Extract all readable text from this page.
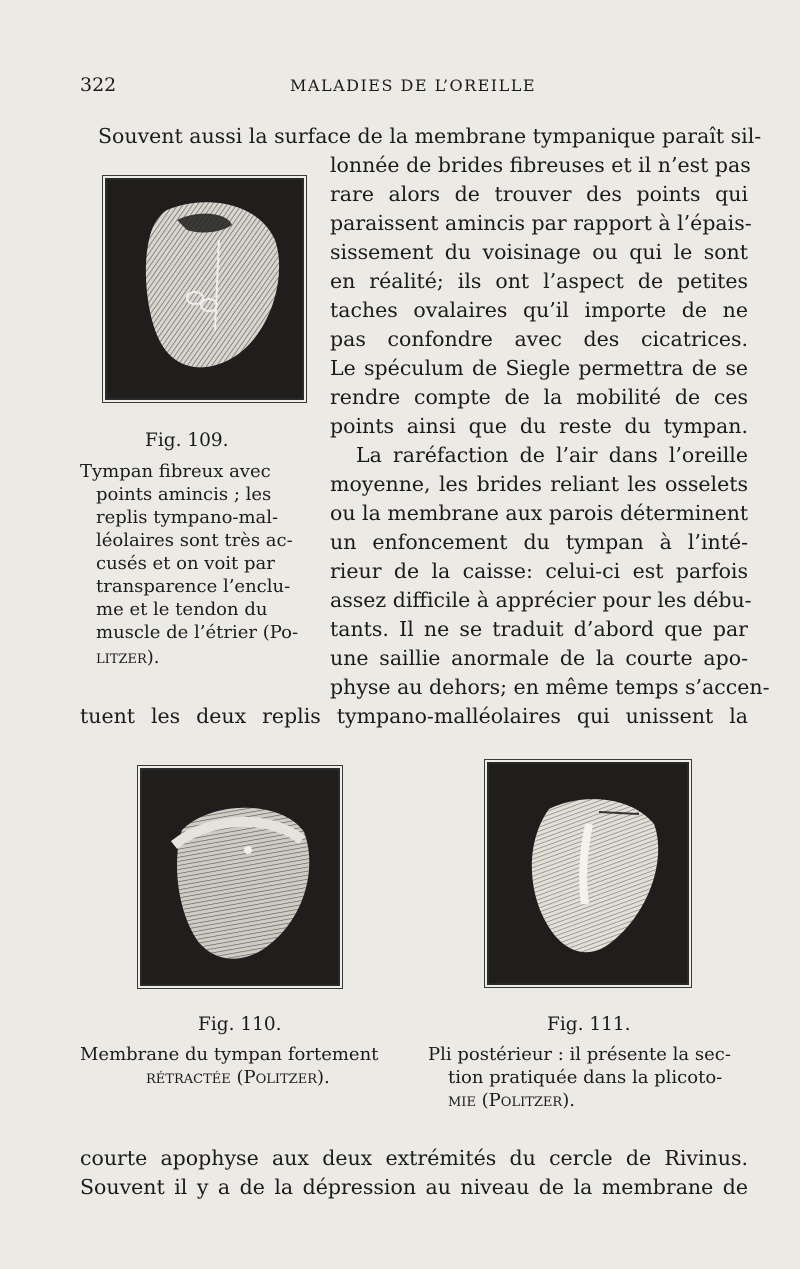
322	MALADIES DE L’OREILLE
Souvent aussi la surface de la membrane tympanique paraît sil-
lonnée de brides fibreuses et il n’est pas
rare alors de trouver des points qui
paraissent amincis par rapport à l’épais-
sissement du voisinage ou qui le sont
en réalité; ils ont l’aspect de petites
taches ovalaires qu’il importe de ne
pas confondre avec des cicatrices.
Le spéculum de Siegle permettra de se
rendre compte de la mobilité de ces
points ainsi que du reste du tympan.
La raréfaction de l’air dans l’oreille
moyenne, les brides reliant les osselets
ou la membrane aux parois déterminent
un enfoncement du tympan à l’inté-
rieur de la caisse: celui-ci est parfois
assez difficile à apprécier pour les débu-
tants. Il ne se traduit d’abord que par
une saillie anormale de la courte apo-
physe au dehors; en même temps s’accen-
tuent les deux replis tympano-malléolaires qui unissent la
Fig. 109.
Tympan fibreux avec
points amincis ; les
replis tympano-mal-
léolaires sont très ac-
cusés et on voit par
transparence l’enclu-
me et le tendon du
muscle de l’étrier (Po-
litzer).
Fig. 110.
Membrane du tympan fortement
rétractée (Politzer).
Fig. 111.
Pli postérieur : il présente la sec-
tion pratiquée dans la plicoto-
mie (Politzer).
courte apophyse aux deux extrémités du cercle de Rivinus.
Souvent il y a de la dépression au niveau de la membrane de
